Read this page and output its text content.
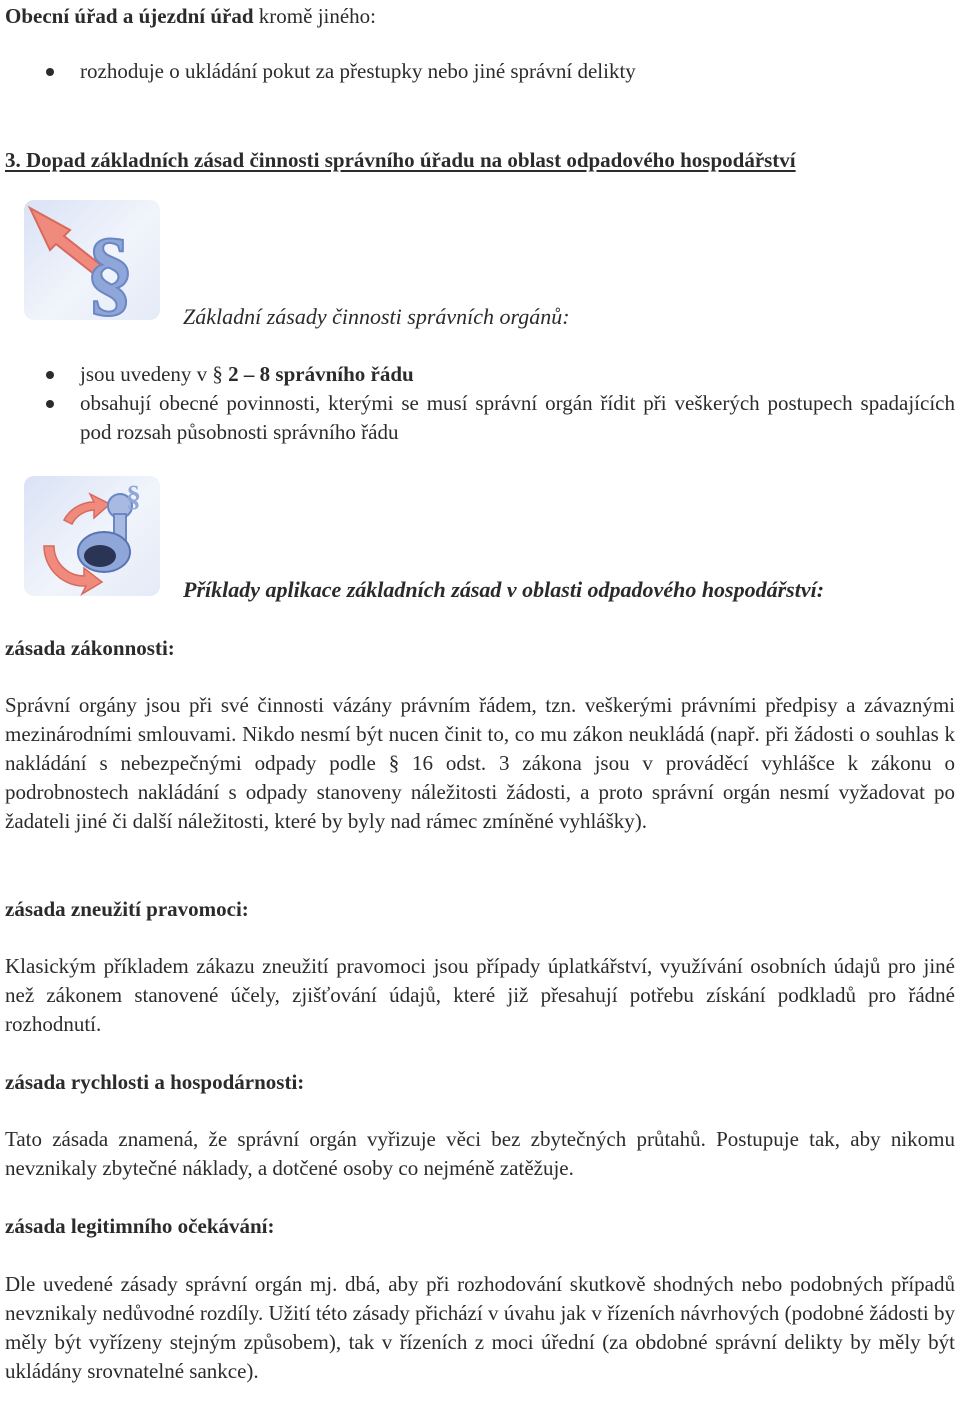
Obecní úřad a újezdní úřad kromě jiného:
rozhoduje o ukládání pokut za přestupky nebo jiné správní delikty
3. Dopad základních zásad činnosti správního úřadu na oblast odpadového hospodářství
§ Základní zásady činnosti správních orgánů:
jsou uvedeny v § 2 – 8 správního řádu
obsahují obecné povinnosti, kterými se musí správní orgán řídit při veškerých postupech spadajících pod rozsah působnosti správního řádu
§
Příklady aplikace základních zásad v oblasti odpadového hospodářství:
zásada zákonnosti:
Správní orgány jsou při své činnosti vázány právním řádem, tzn. veškerými právními předpisy a závaznými mezinárodními smlouvami. Nikdo nesmí být nucen činit to, co mu zákon neukládá (např. při žádosti o souhlas k nakládání s nebezpečnými odpady podle § 16 odst. 3 zákona jsou v prováděcí vyhlášce k zákonu o podrobnostech nakládání s odpady stanoveny náležitosti žádosti, a proto správní orgán nesmí vyžadovat po žadateli jiné či další náležitosti, které by byly nad rámec zmíněné vyhlášky).
zásada zneužití pravomoci:
Klasickým příkladem zákazu zneužití pravomoci jsou případy úplatkářství, využívání osobních údajů pro jiné než zákonem stanovené účely, zjišťování údajů, které již přesahují potřebu získání podkladů pro řádné rozhodnutí.
zásada rychlosti a hospodárnosti:
Tato zásada znamená, že správní orgán vyřizuje věci bez zbytečných průtahů. Postupuje tak, aby nikomu nevznikaly zbytečné náklady, a dotčené osoby co nejméně zatěžuje.
zásada legitimního očekávání:
Dle uvedené zásady správní orgán mj. dbá, aby při rozhodování skutkově shodných nebo podobných případů nevznikaly nedůvodné rozdíly. Užití této zásady přichází v úvahu jak v řízeních návrhových (podobné žádosti by měly být vyřízeny stejným způsobem), tak v řízeních z moci úřední (za obdobné správní delikty by měly být ukládány srovnatelné sankce).
